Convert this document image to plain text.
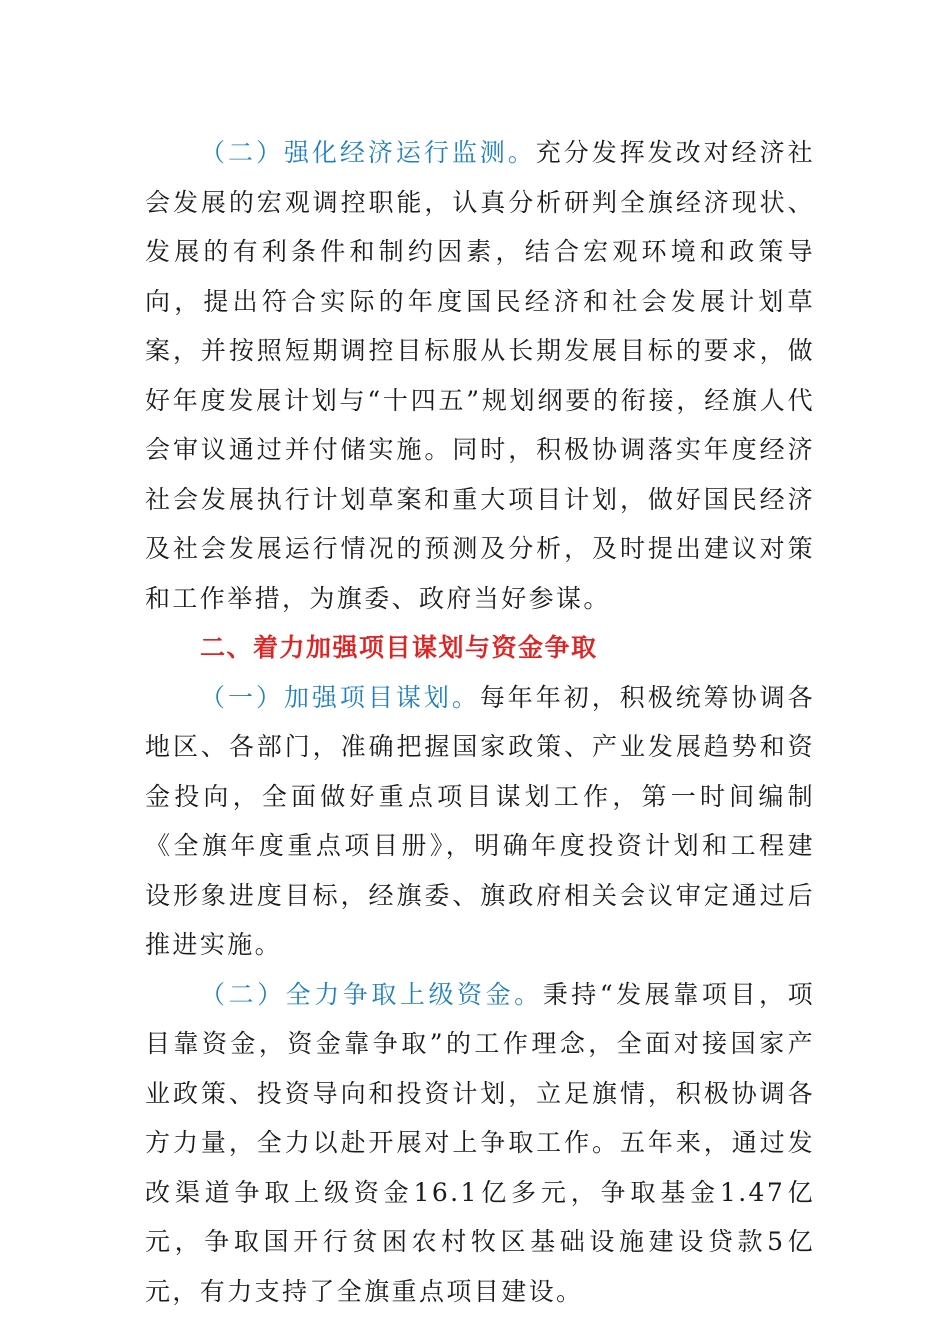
（二）强化经济运行监测。充分发挥发改对经济社会发展的宏观调控职能，认真分析研判全旗经济现状、发展的有利条件和制约因素，结合宏观环境和政策导向，提出符合实际的年度国民经济和社会发展计划草案，并按照短期调控目标服从长期发展目标的要求，做好年度发展计划与“十四五”规划纲要的衔接，经旗人代会审议通过并付储实施。同时，积极协调落实年度经济社会发展执行计划草案和重大项目计划，做好国民经济及社会发展运行情况的预测及分析，及时提出建议对策和工作举措，为旗委、政府当好参谋。

二、着力加强项目谋划与资金争取

（一）加强项目谋划。每年年初，积极统筹协调各地区、各部门，准确把握国家政策、产业发展趋势和资金投向，全面做好重点项目谋划工作，第一时间编制《全旗年度重点项目册》，明确年度投资计划和工程建设形象进度目标，经旗委、旗政府相关会议审定通过后推进实施。

（二）全力争取上级资金。秉持“发展靠项目，项目靠资金，资金靠争取”的工作理念，全面对接国家产业政策、投资导向和投资计划，立足旗情，积极协调各方力量，全力以赴开展对上争取工作。五年来，通过发改渠道争取上级资金16.1亿多元，争取基金1.47亿元，争取国开行贫困农村牧区基础设施建设贷款5亿元，有力支持了全旗重点项目建设。
